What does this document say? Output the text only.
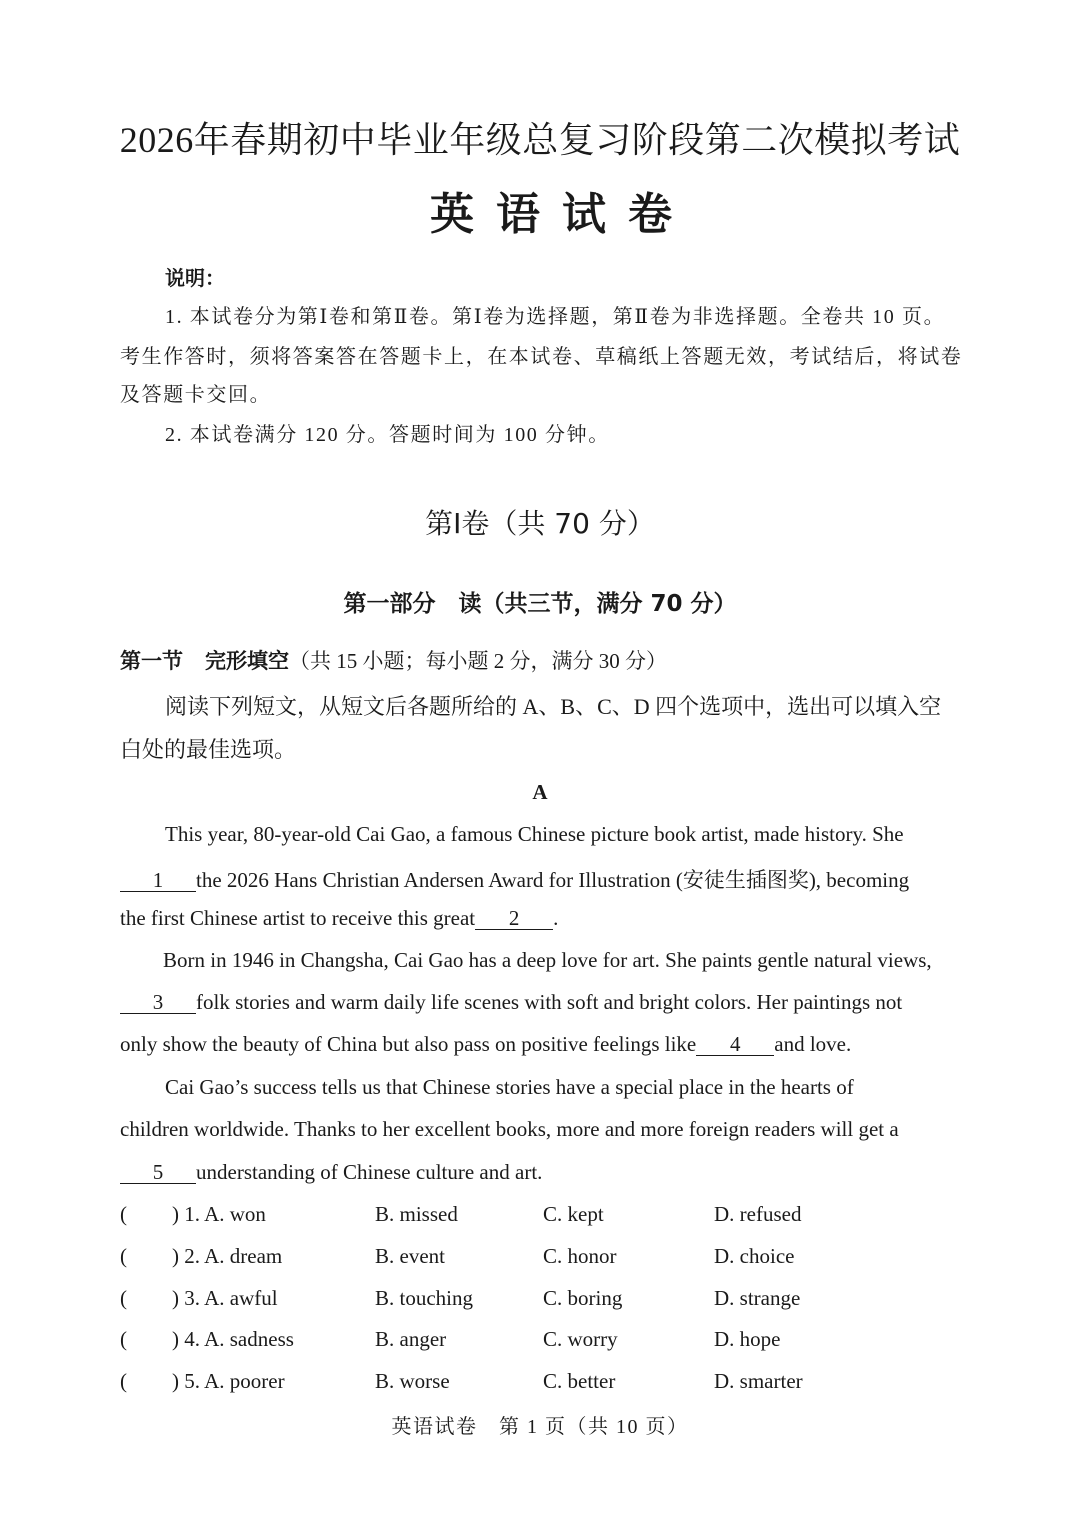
2026年春期初中毕业年级总复习阶段第二次模拟考试
英语试卷
说明：
1. 本试卷分为第Ⅰ卷和第Ⅱ卷。第Ⅰ卷为选择题，第Ⅱ卷为非选择题。全卷共 10 页。
考生作答时，须将答案答在答题卡上，在本试卷、草稿纸上答题无效，考试结后，将试卷
及答题卡交回。
2. 本试卷满分 120 分。答题时间为 100 分钟。
第Ⅰ卷（共 70 分）
第一部分　读（共三节，满分 70 分）
第一节 完形填空（共 15 小题；每小题 2 分，满分 30 分）
阅读下列短文，从短文后各题所给的 A、B、C、D 四个选项中，选出可以填入空
白处的最佳选项。
A
This year, 80-year-old Cai Gao, a famous Chinese picture book artist, made history. She
1 the 2026 Hans Christian Andersen Award for Illustration (安徒生插图奖), becoming
the first Chinese artist to receive this great 2 .
Born in 1946 in Changsha, Cai Gao has a deep love for art. She paints gentle natural views,
3 folk stories and warm daily life scenes with soft and bright colors. Her paintings not
only show the beauty of China but also pass on positive feelings like 4 and love.
Cai Gao’s success tells us that Chinese stories have a special place in the hearts of
children worldwide. Thanks to her excellent books, more and more foreign readers will get a
5 understanding of Chinese culture and art.
( ) 1. A. won	B. missed	C. kept	D. refused
( ) 2. A. dream	B. event	C. honor	D. choice
( ) 3. A. awful	B. touching	C. boring	D. strange
( ) 4. A. sadness	B. anger	C. worry	D. hope
( ) 5. A. poorer	B. worse	C. better	D. smarter
英语试卷　第 1 页（共 10 页）
